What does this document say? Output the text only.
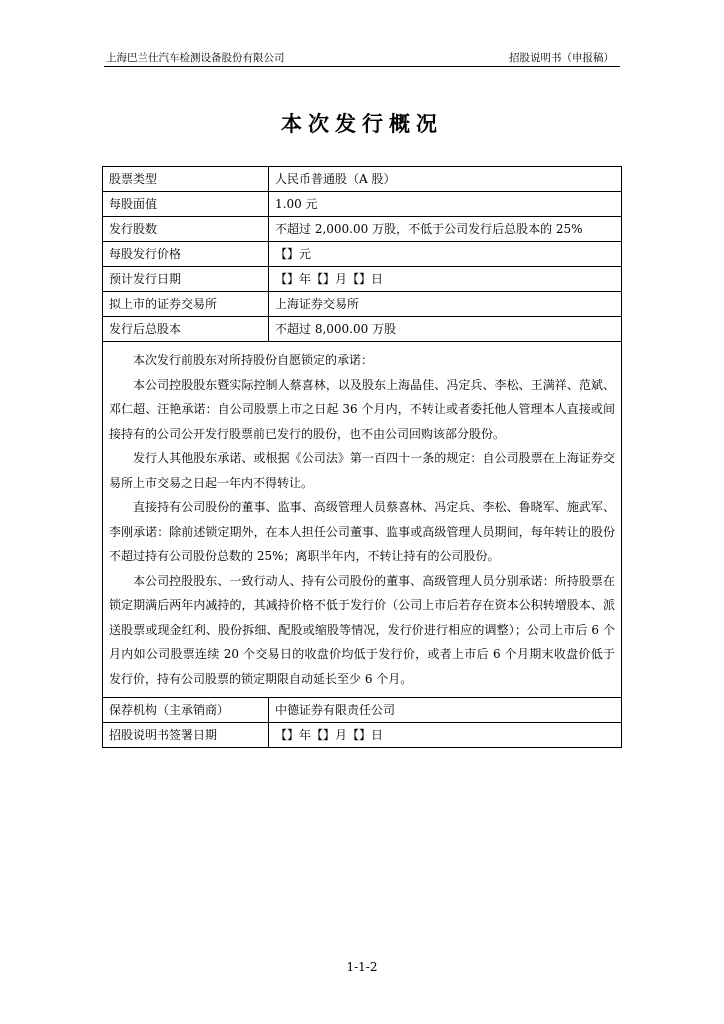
上海巴兰仕汽车检测设备股份有限公司	招股说明书（申报稿）
本次发行概况
股票类型	人民币普通股（A 股）
每股面值	1.00 元
发行股数	不超过 2,000.00 万股，不低于公司发行后总股本的 25%
每股发行价格	【】元
预计发行日期	【】年【】月【】日
拟上市的证券交易所	上海证券交易所
发行后总股本	不超过 8,000.00 万股

本次发行前股东对所持股份自愿锁定的承诺：

本公司控股股东暨实际控制人蔡喜林，以及股东上海晶佳、冯定兵、李松、王满祥、范斌、邓仁超、汪艳承诺：自公司股票上市之日起 36 个月内，不转让或者委托他人管理本人直接或间接持有的公司公开发行股票前已发行的股份，也不由公司回购该部分股份。

发行人其他股东承诺、或根据《公司法》第一百四十一条的规定：自公司股票在上海证券交易所上市交易之日起一年内不得转让。

直接持有公司股份的董事、监事、高级管理人员蔡喜林、冯定兵、李松、鲁晓军、施武军、李刚承诺：除前述锁定期外，在本人担任公司董事、监事或高级管理人员期间，每年转让的股份不超过持有公司股份总数的 25%；离职半年内，不转让持有的公司股份。

本公司控股股东、一致行动人、持有公司股份的董事、高级管理人员分别承诺：所持股票在锁定期满后两年内减持的，其减持价格不低于发行价（公司上市后若存在资本公积转增股本、派送股票或现金红利、股份拆细、配股或缩股等情况，发行价进行相应的调整）；公司上市后 6 个月内如公司股票连续 20 个交易日的收盘价均低于发行价，或者上市后 6 个月期末收盘价低于发行价，持有公司股票的锁定期限自动延长至少 6 个月。	

保荐机构（主承销商）	中德证券有限责任公司
招股说明书签署日期	【】年【】月【】日
1-1-2
